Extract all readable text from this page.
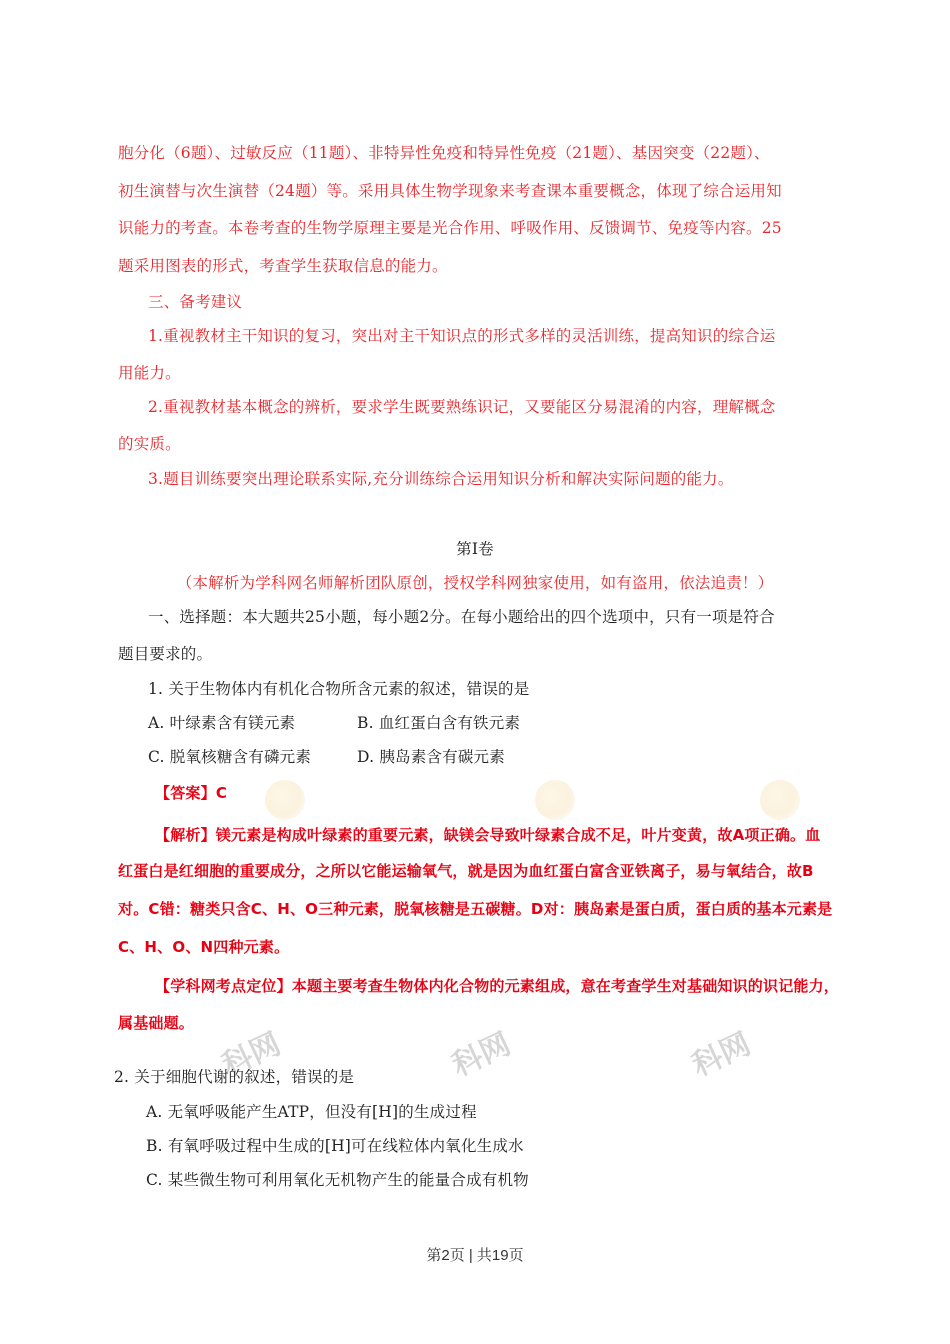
科网	科网	科网
胞分化（6题）、过敏反应（11题）、非特异性免疫和特异性免疫（21题）、基因突变（22题）、
初生演替与次生演替（24题）等。采用具体生物学现象来考查课本重要概念，体现了综合运用知
识能力的考查。本卷考查的生物学原理主要是光合作用、呼吸作用、反馈调节、免疫等内容。25
题采用图表的形式，考查学生获取信息的能力。
三、备考建议
1.重视教材主干知识的复习，突出对主干知识点的形式多样的灵活训练，提高知识的综合运
用能力。
2.重视教材基本概念的辨析，要求学生既要熟练识记，又要能区分易混淆的内容，理解概念
的实质。
3.题目训练要突出理论联系实际,充分训练综合运用知识分析和解决实际问题的能力。
第I卷
（本解析为学科网名师解析团队原创，授权学科网独家使用，如有盗用，依法追责！）
一、选择题：本大题共25小题，每小题2分。在每小题给出的四个选项中，只有一项是符合
题目要求的。
1. 关于生物体内有机化合物所含元素的叙述，错误的是
A. 叶绿素含有镁元素	B. 血红蛋白含有铁元素
C. 脱氧核糖含有磷元素	D. 胰岛素含有碳元素
【答案】C
【解析】镁元素是构成叶绿素的重要元素，缺镁会导致叶绿素合成不足，叶片变黄，故A项正确。血
红蛋白是红细胞的重要成分，之所以它能运输氧气，就是因为血红蛋白富含亚铁离子，易与氧结合，故B
对。C错：糖类只含C、H、O三种元素，脱氧核糖是五碳糖。D对：胰岛素是蛋白质，蛋白质的基本元素是
C、H、O、N四种元素。
【学科网考点定位】本题主要考查生物体内化合物的元素组成，意在考查学生对基础知识的识记能力，
属基础题。
2. 关于细胞代谢的叙述，错误的是
A. 无氧呼吸能产生ATP，但没有[H]的生成过程
B. 有氧呼吸过程中生成的[H]可在线粒体内氧化生成水
C. 某些微生物可利用氧化无机物产生的能量合成有机物
第2页 | 共19页
